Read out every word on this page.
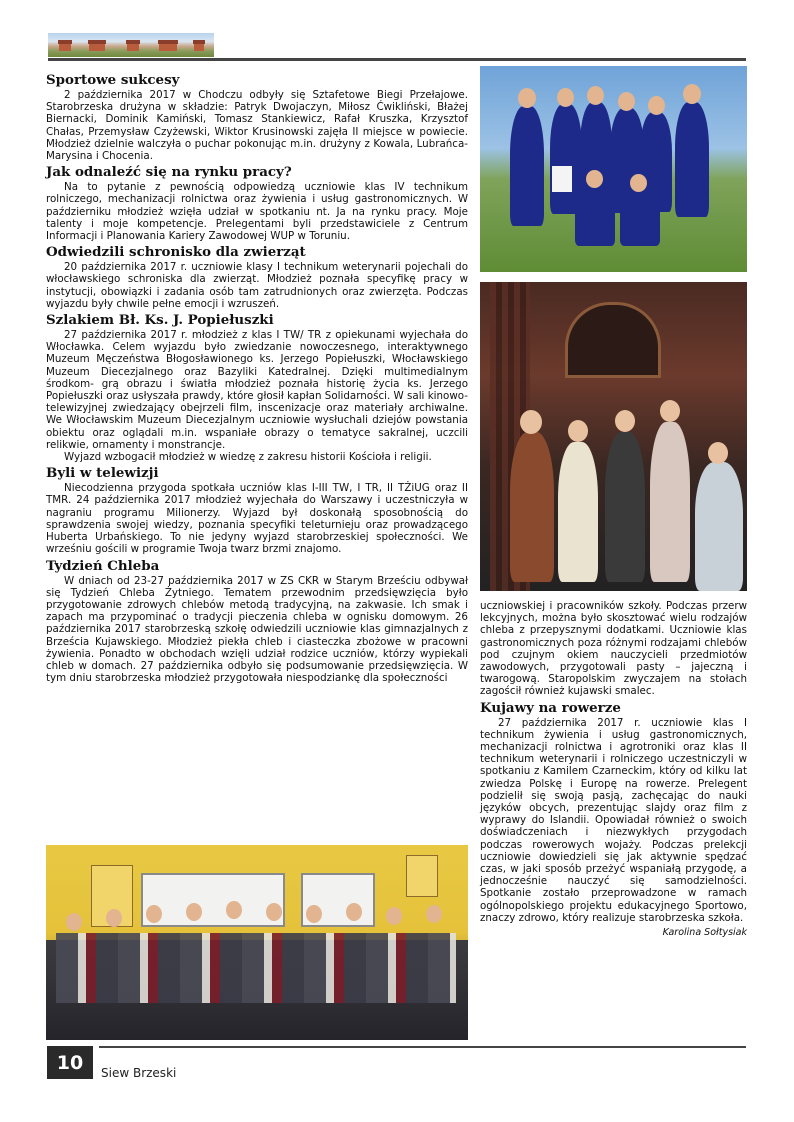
Sportowe sukcesy

2 października 2017 w Chodczu odbyły się Sztafetowe Biegi Przełajowe. Starobrzeska drużyna w składzie: Patryk Dwojaczyn, Miłosz Ćwikliński, Błażej Biernacki, Dominik Kamiński, Tomasz Stankiewicz, Rafał Kruszka, Krzysztof Chałas, Przemysław Czyżewski, Wiktor Krusinowski zajęła II miejsce w powiecie. Młodzież dzielnie walczyła o puchar pokonując m.in. drużyny z Kowala, Lubrańca-Marysina i Chocenia.

Jak odnaleźć się na rynku pracy?

Na to pytanie z pewnością odpowiedzą uczniowie klas IV technikum rolniczego, mechanizacji rolnictwa oraz żywienia i usług gastronomicznych. W październiku młodzież wzięła udział w spotkaniu nt. Ja na rynku pracy. Moje talenty i moje kompetencje. Prelegentami byli przedstawiciele z Centrum Informacji i Planowania Kariery Zawodowej WUP w Toruniu.

Odwiedzili schronisko dla zwierząt

20 października 2017 r. uczniowie klasy I technikum weterynarii pojechali do włocławskiego schroniska dla zwierząt. Młodzież poznała specyfikę pracy w instytucji, obowiązki i zadania osób tam zatrudnionych oraz zwierzęta. Podczas wyjazdu były chwile pełne emocji i wzruszeń.

Szlakiem Bł. Ks. J. Popiełuszki

27 października 2017 r. młodzież z klas I TW/ TR z opiekunami wyjechała do Włocławka. Celem wyjazdu było zwiedzanie nowoczesnego, interaktywnego Muzeum Męczeństwa Błogosławionego ks. Jerzego Popiełuszki, Włocławskiego Muzeum Diecezjalnego oraz Bazyliki Katedralnej. Dzięki multimedialnym środkom- grą obrazu i światła młodzież poznała historię życia ks. Jerzego Popiełuszki oraz usłyszała prawdy, które głosił kapłan Solidarności. W sali kinowo-telewizyjnej zwiedzający obejrzeli film, inscenizacje oraz materiały archiwalne. We Włocławskim Muzeum Diecezjalnym uczniowie wysłuchali dziejów powstania obiektu oraz oglądali m.in. wspaniałe obrazy o tematyce sakralnej, uczcili relikwie, ornamenty i monstrancje.

Wyjazd wzbogacił młodzież w wiedzę z zakresu historii Kościoła i religii.

Byli w telewizji

Niecodzienna przygoda spotkała uczniów klas I-III TW, I TR, II TŻiUG oraz II TMR. 24 października 2017 młodzież wyjechała do Warszawy i uczestniczyła w nagraniu programu Milionerzy. Wyjazd był doskonałą sposobnością do sprawdzenia swojej wiedzy, poznania specyfiki teleturnieju oraz prowadzącego Huberta Urbańskiego. To nie jedyny wyjazd starobrzeskiej społeczności. We wrześniu gościli w programie Twoja twarz brzmi znajomo.

Tydzień Chleba

W dniach od 23-27 października 2017 w ZS CKR w Starym Brześciu odbywał się Tydzień Chleba Żytniego. Tematem przewodnim przedsięwzięcia było przygotowanie zdrowych chlebów metodą tradycyjną, na zakwasie. Ich smak i zapach ma przypominać o tradycji pieczenia chleba w ognisku domowym. 26 października 2017 starobrzeską szkołę odwiedzili uczniowie klas gimnazjalnych z Brześcia Kujawskiego. Młodzież piekła chleb i ciasteczka zbożowe w pracowni żywienia. Ponadto w obchodach wzięli udział rodzice uczniów, którzy wypiekali chleb w domach. 27 października odbyło się podsumowanie przedsięwzięcia. W tym dniu starobrzeska młodzież przygotowała niespodziankę dla społeczności

uczniowskiej i pracowników szkoły. Podczas przerw lekcyjnych, można było skosztować wielu rodzajów chleba z przepysznymi dodatkami. Uczniowie klas gastronomicznych poza różnymi rodzajami chlebów pod czujnym okiem nauczycieli przedmiotów zawodowych, przygotowali pasty – jajeczną i twarogową. Staropolskim zwyczajem na stołach zagościł również kujawski smalec.

Kujawy na rowerze

27 października 2017 r. uczniowie klas I technikum żywienia i usług gastronomicznych, mechanizacji rolnictwa i agrotroniki oraz klas II technikum weterynarii i rolniczego uczestniczyli w spotkaniu z Kamilem Czarneckim, który od kilku lat zwiedza Polskę i Europę na rowerze. Prelegent podzielił się swoją pasją, zachęcając do nauki języków obcych, prezentując slajdy oraz film z wyprawy do Islandii. Opowiadał również o swoich doświadczeniach i niezwykłych przygodach podczas rowerowych wojaży. Podczas prelekcji uczniowie dowiedzieli się jak aktywnie spędzać czas, w jaki sposób przeżyć wspaniałą przygodę, a jednocześnie nauczyć się samodzielności. Spotkanie zostało przeprowadzone w ramach ogólnopolskiego projektu edukacyjnego Sportowo, znaczy zdrowo, który realizuje starobrzeska szkoła.

Karolina Sołtysiak
10	Siew Brzeski
